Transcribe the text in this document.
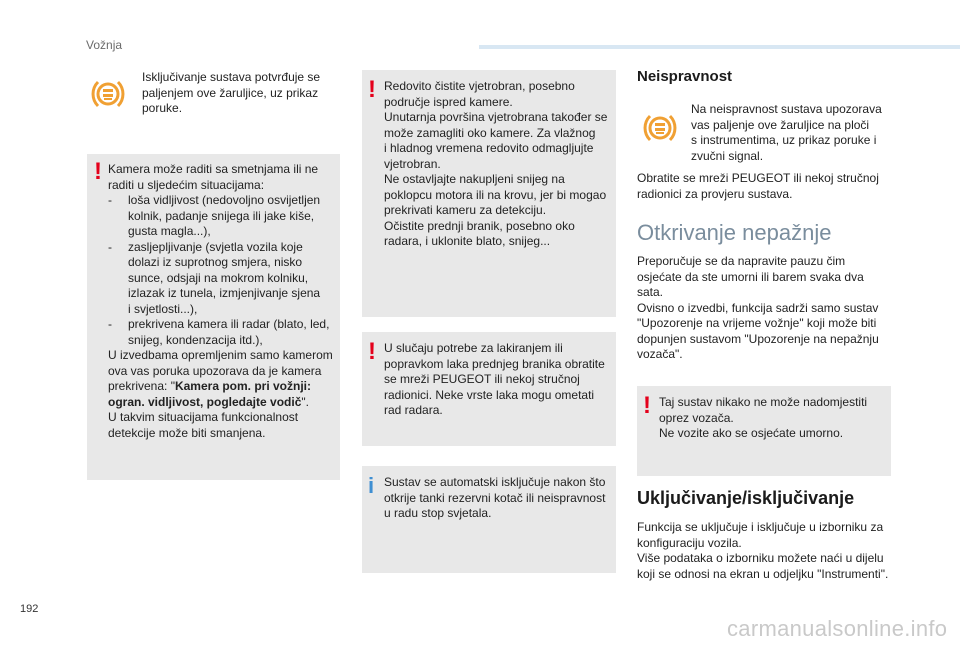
Vožnja

Isključivanje sustava potvrđuje se

paljenjem ove žaruljice, uz prikaz

poruke.

! Kamera može raditi sa smetnjama ili ne

raditi u sljedećim situacijama:

- loša vidljivost (nedovoljno osvijetljen
kolnik, padanje snijega ili jake kiše,
gusta magla...),
- zasljepljivanje (svjetla vozila koje
dolazi iz suprotnog smjera, nisko
sunce, odsjaji na mokrom kolniku,
izlazak iz tunela, izmjenjivanje sjena
i svjetlosti...),
- prekrivena kamera ili radar (blato, led,
snijeg, kondenzacija itd.),

U izvedbama opremljenim samo kamerom

ova vas poruka upozorava da je kamera

prekrivena: "Kamera pom. pri vožnji:

ogran. vidljivost, pogledajte vodič".

U takvim situacijama funkcionalnost

detekcije može biti smanjena.

! Redovito čistite vjetrobran, posebno

područje ispred kamere.

Unutarnja površina vjetrobrana također se

može zamagliti oko kamere. Za vlažnog

i hladnog vremena redovito odmagljujte

vjetrobran.

Ne ostavljajte nakupljeni snijeg na

poklopcu motora ili na krovu, jer bi mogao

prekrivati kameru za detekciju.

Očistite prednji branik, posebno oko

radara, i uklonite blato, snijeg...

! U slučaju potrebe za lakiranjem ili

popravkom laka prednjeg branika obratite

se mreži PEUGEOT ili nekoj stručnoj

radionici. Neke vrste laka mogu ometati

rad radara.

i Sustav se automatski isključuje nakon što

otkrije tanki rezervni kotač ili neispravnost

u radu stop svjetala.

Neispravnost

Na neispravnost sustava upozorava

vas paljenje ove žaruljice na ploči

s instrumentima, uz prikaz poruke i

zvučni signal.

Obratite se mreži PEUGEOT ili nekoj stručnoj

radionici za provjeru sustava.

Otkrivanje nepažnje

Preporučuje se da napravite pauzu čim

osjećate da ste umorni ili barem svaka dva

sata.

Ovisno o izvedbi, funkcija sadrži samo sustav

"Upozorenje na vrijeme vožnje" koji može biti

dopunjen sustavom "Upozorenje na nepažnju

vozača".

! Taj sustav nikako ne može nadomjestiti

oprez vozača.

Ne vozite ako se osjećate umorno.

Uključivanje/isključivanje

Funkcija se uključuje i isključuje u izborniku za

konfiguraciju vozila.

Više podataka o izborniku možete naći u dijelu

koji se odnosi na ekran u odjeljku "Instrumenti".

192
carmanualsonline.info
